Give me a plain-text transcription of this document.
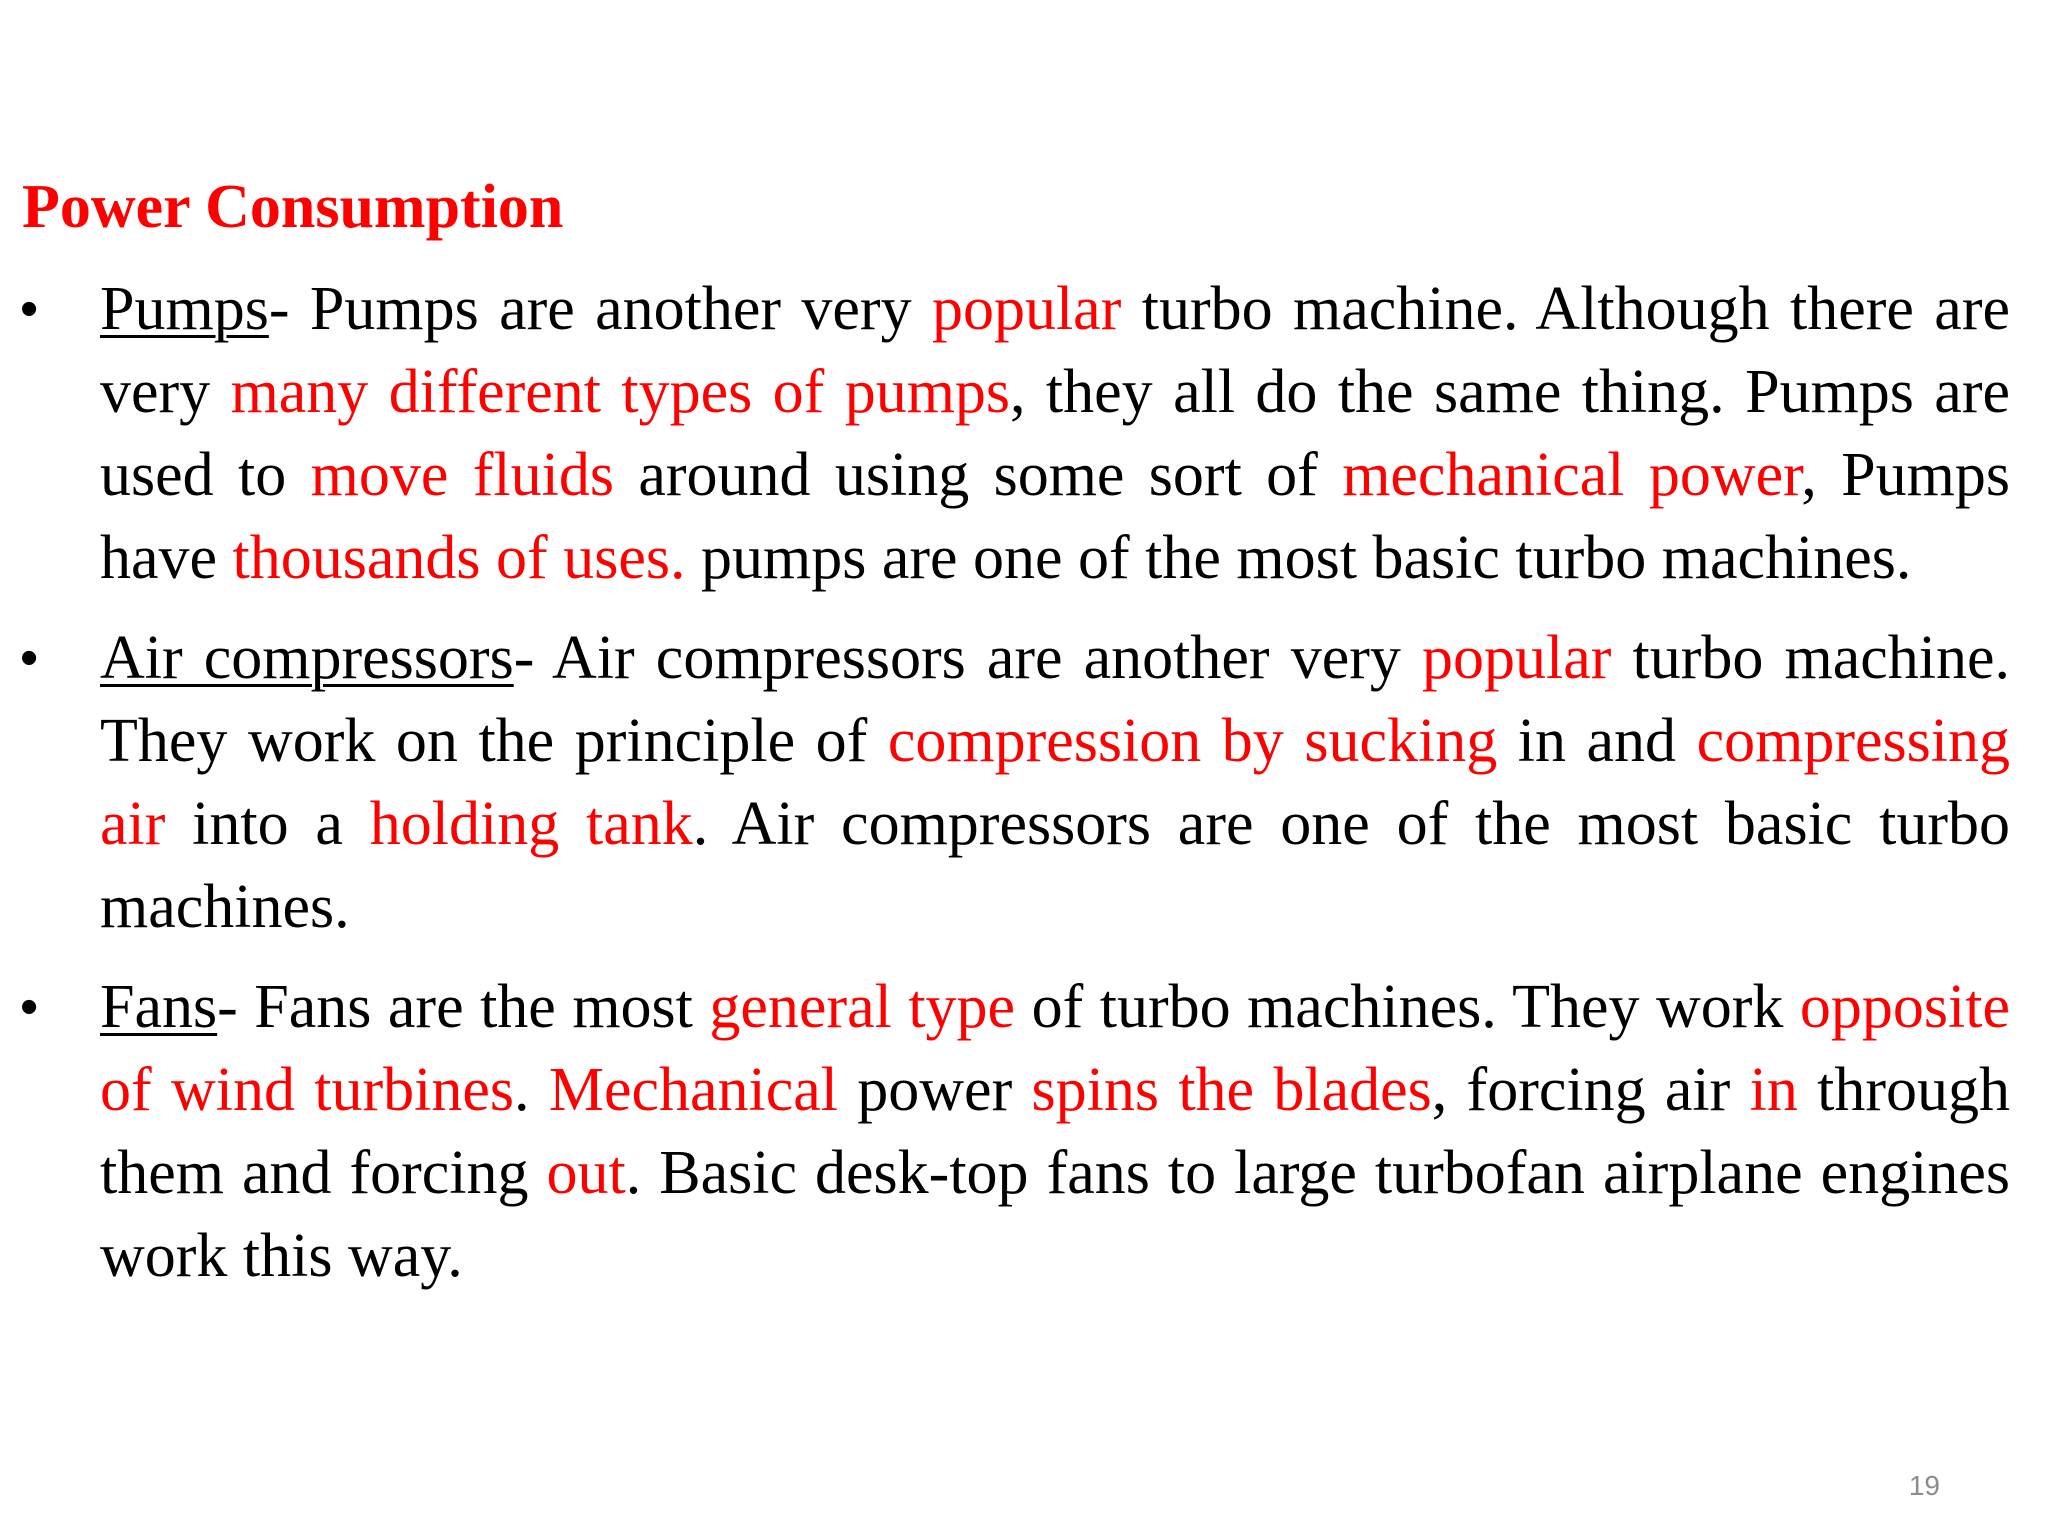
Power Consumption
• Pumps- Pumps are another very popular turbo machine. Although there are very many different types of pumps, they all do the same thing. Pumps are used to move fluids around using some sort of mechanical power, Pumps have thousands of uses. pumps are one of the most basic turbo machines.
• Air compressors- Air compressors are another very popular turbo machine. They work on the principle of compression by sucking in and compressing air into a holding tank. Air compressors are one of the most basic turbo machines.
• Fans- Fans are the most general type of turbo machines. They work opposite of wind turbines. Mechanical power spins the blades, forcing air in through them and forcing out. Basic desk-top fans to large turbofan airplane engines work this way.
19
